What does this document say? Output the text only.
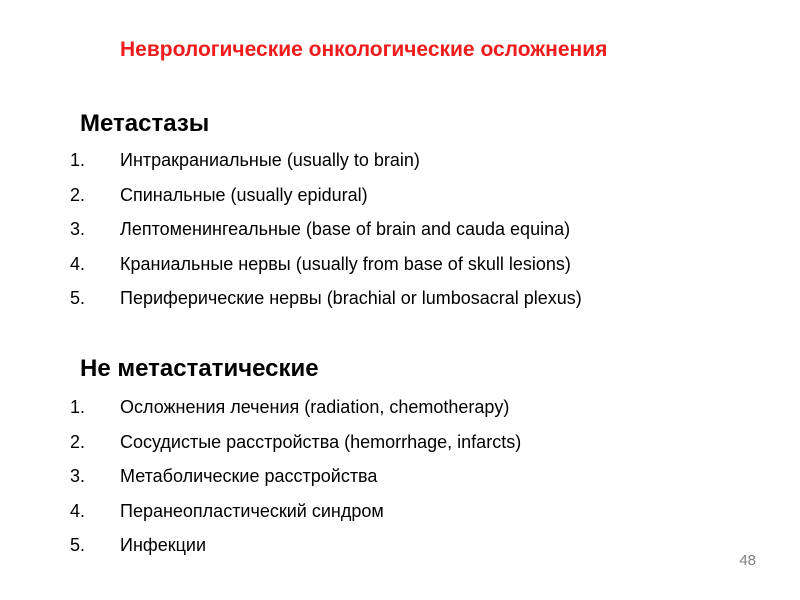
Неврологические онкологические осложнения
Метастазы
1. Интракраниальные (usually to brain)
2. Спинальные (usually epidural)
3. Лептоменингеальные (base of brain and cauda equina)
4. Краниальные нервы (usually from base of skull lesions)
5. Периферические нервы (brachial or lumbosacral plexus)
Не метастатические
1. Осложнения лечения (radiation, chemotherapy)
2. Сосудистые расстройства (hemorrhage, infarcts)
3. Метаболические расстройства
4. Перанеопластический синдром
5. Инфекции
48
